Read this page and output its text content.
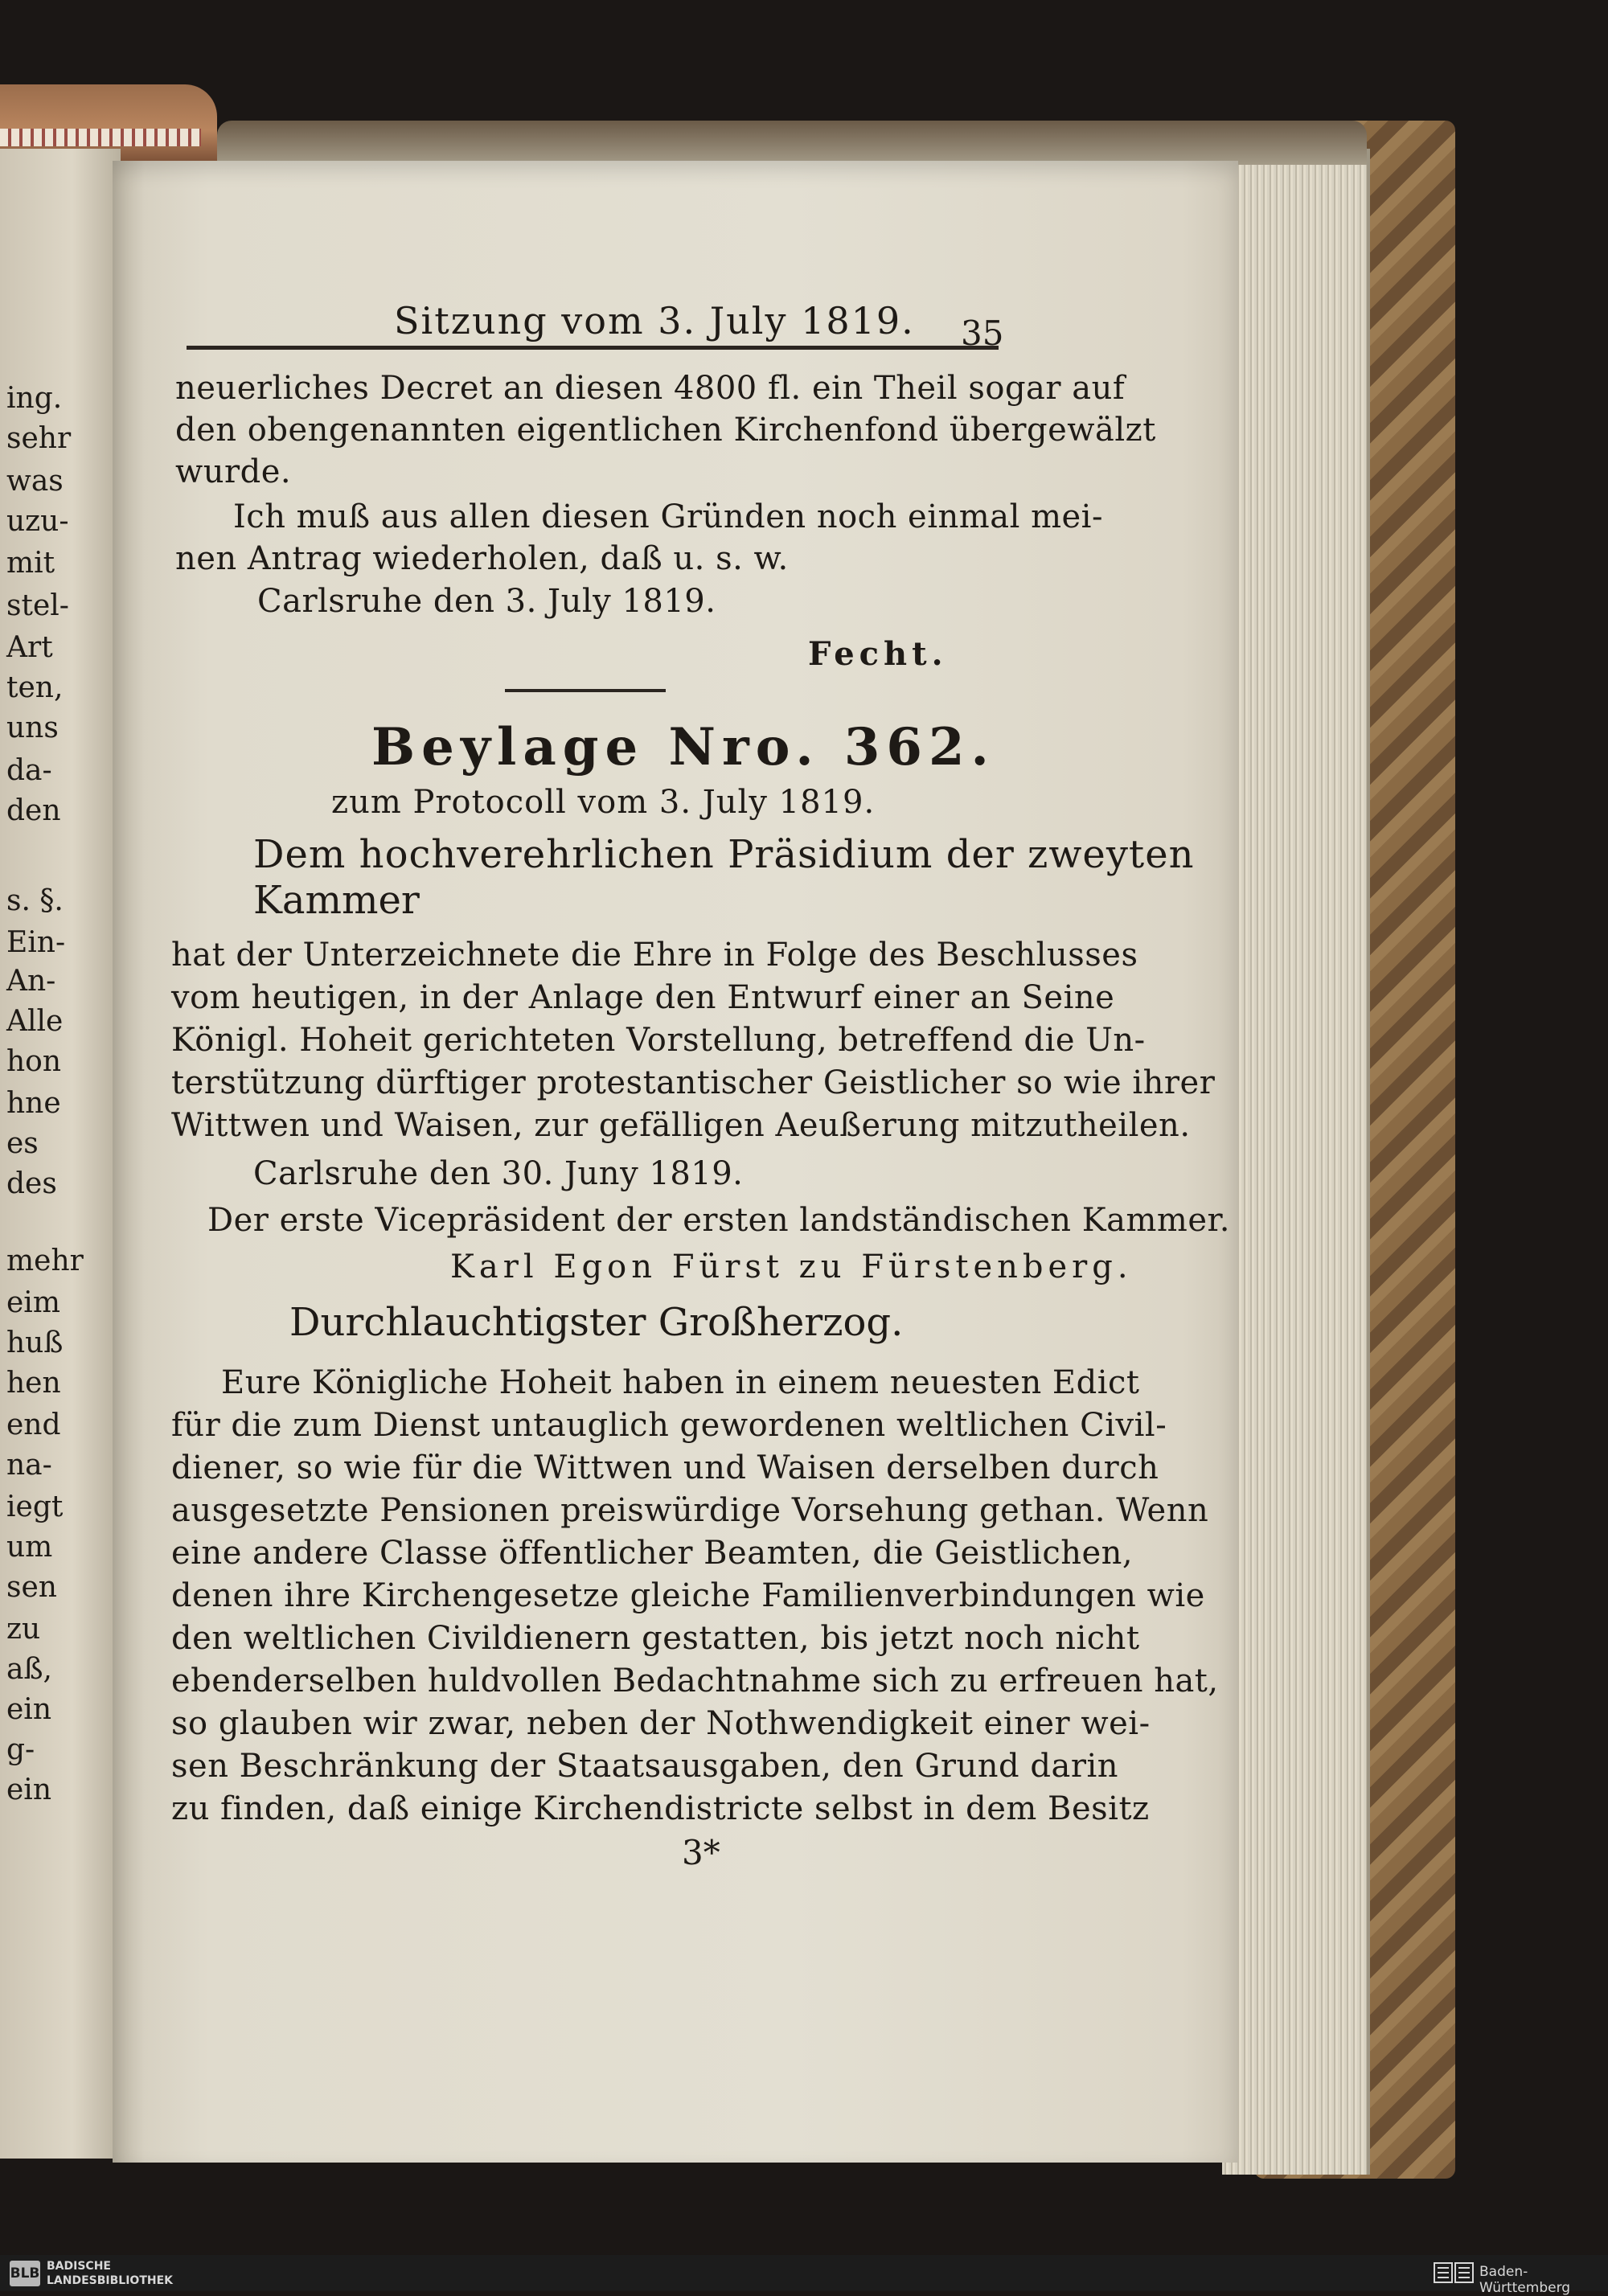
ing.
sehr
was
uzu-
mit
stel-
Art
ten,
uns
da-
den
s. §.
Ein-
An-
Alle
hon
hne
es
des
mehr
eim
huß
hen
end
na-
iegt
um
sen
zu
aß,
ein
g-
ein
Sitzung vom 3. July 1819. 35
neuerliches Decret an diesen 4800 fl. ein Theil sogar auf
den obengenannten eigentlichen Kirchenfond übergewälzt
wurde.
Ich muß aus allen diesen Gründen noch einmal mei-
nen Antrag wiederholen, daß u. s. w.
Carlsruhe den 3. July 1819.
Fecht.
Beylage Nro. 362.
zum Protocoll vom 3. July 1819.
Dem hochverehrlichen Präsidium der zweyten
Kammer
hat der Unterzeichnete die Ehre in Folge des Beschlusses
vom heutigen, in der Anlage den Entwurf einer an Seine
Königl. Hoheit gerichteten Vorstellung, betreffend die Un-
terstützung dürftiger protestantischer Geistlicher so wie ihrer
Wittwen und Waisen, zur gefälligen Aeußerung mitzutheilen.
Carlsruhe den 30. Juny 1819.
Der erste Vicepräsident der ersten landständischen Kammer.
Karl Egon Fürst zu Fürstenberg.
Durchlauchtigster Großherzog.
Eure Königliche Hoheit haben in einem neuesten Edict
für die zum Dienst untauglich gewordenen weltlichen Civil-
diener, so wie für die Wittwen und Waisen derselben durch
ausgesetzte Pensionen preiswürdige Vorsehung gethan. Wenn
eine andere Classe öffentlicher Beamten, die Geistlichen,
denen ihre Kirchengesetze gleiche Familienverbindungen wie
den weltlichen Civildienern gestatten, bis jetzt noch nicht
ebenderselben huldvollen Bedachtnahme sich zu erfreuen hat,
so glauben wir zwar, neben der Nothwendigkeit einer wei-
sen Beschränkung der Staatsausgaben, den Grund darin
zu finden, daß einige Kirchendistricte selbst in dem Besitz
3*
BLB BADISCHE
LANDESBIBLIOTHEK
Baden-Württemberg
